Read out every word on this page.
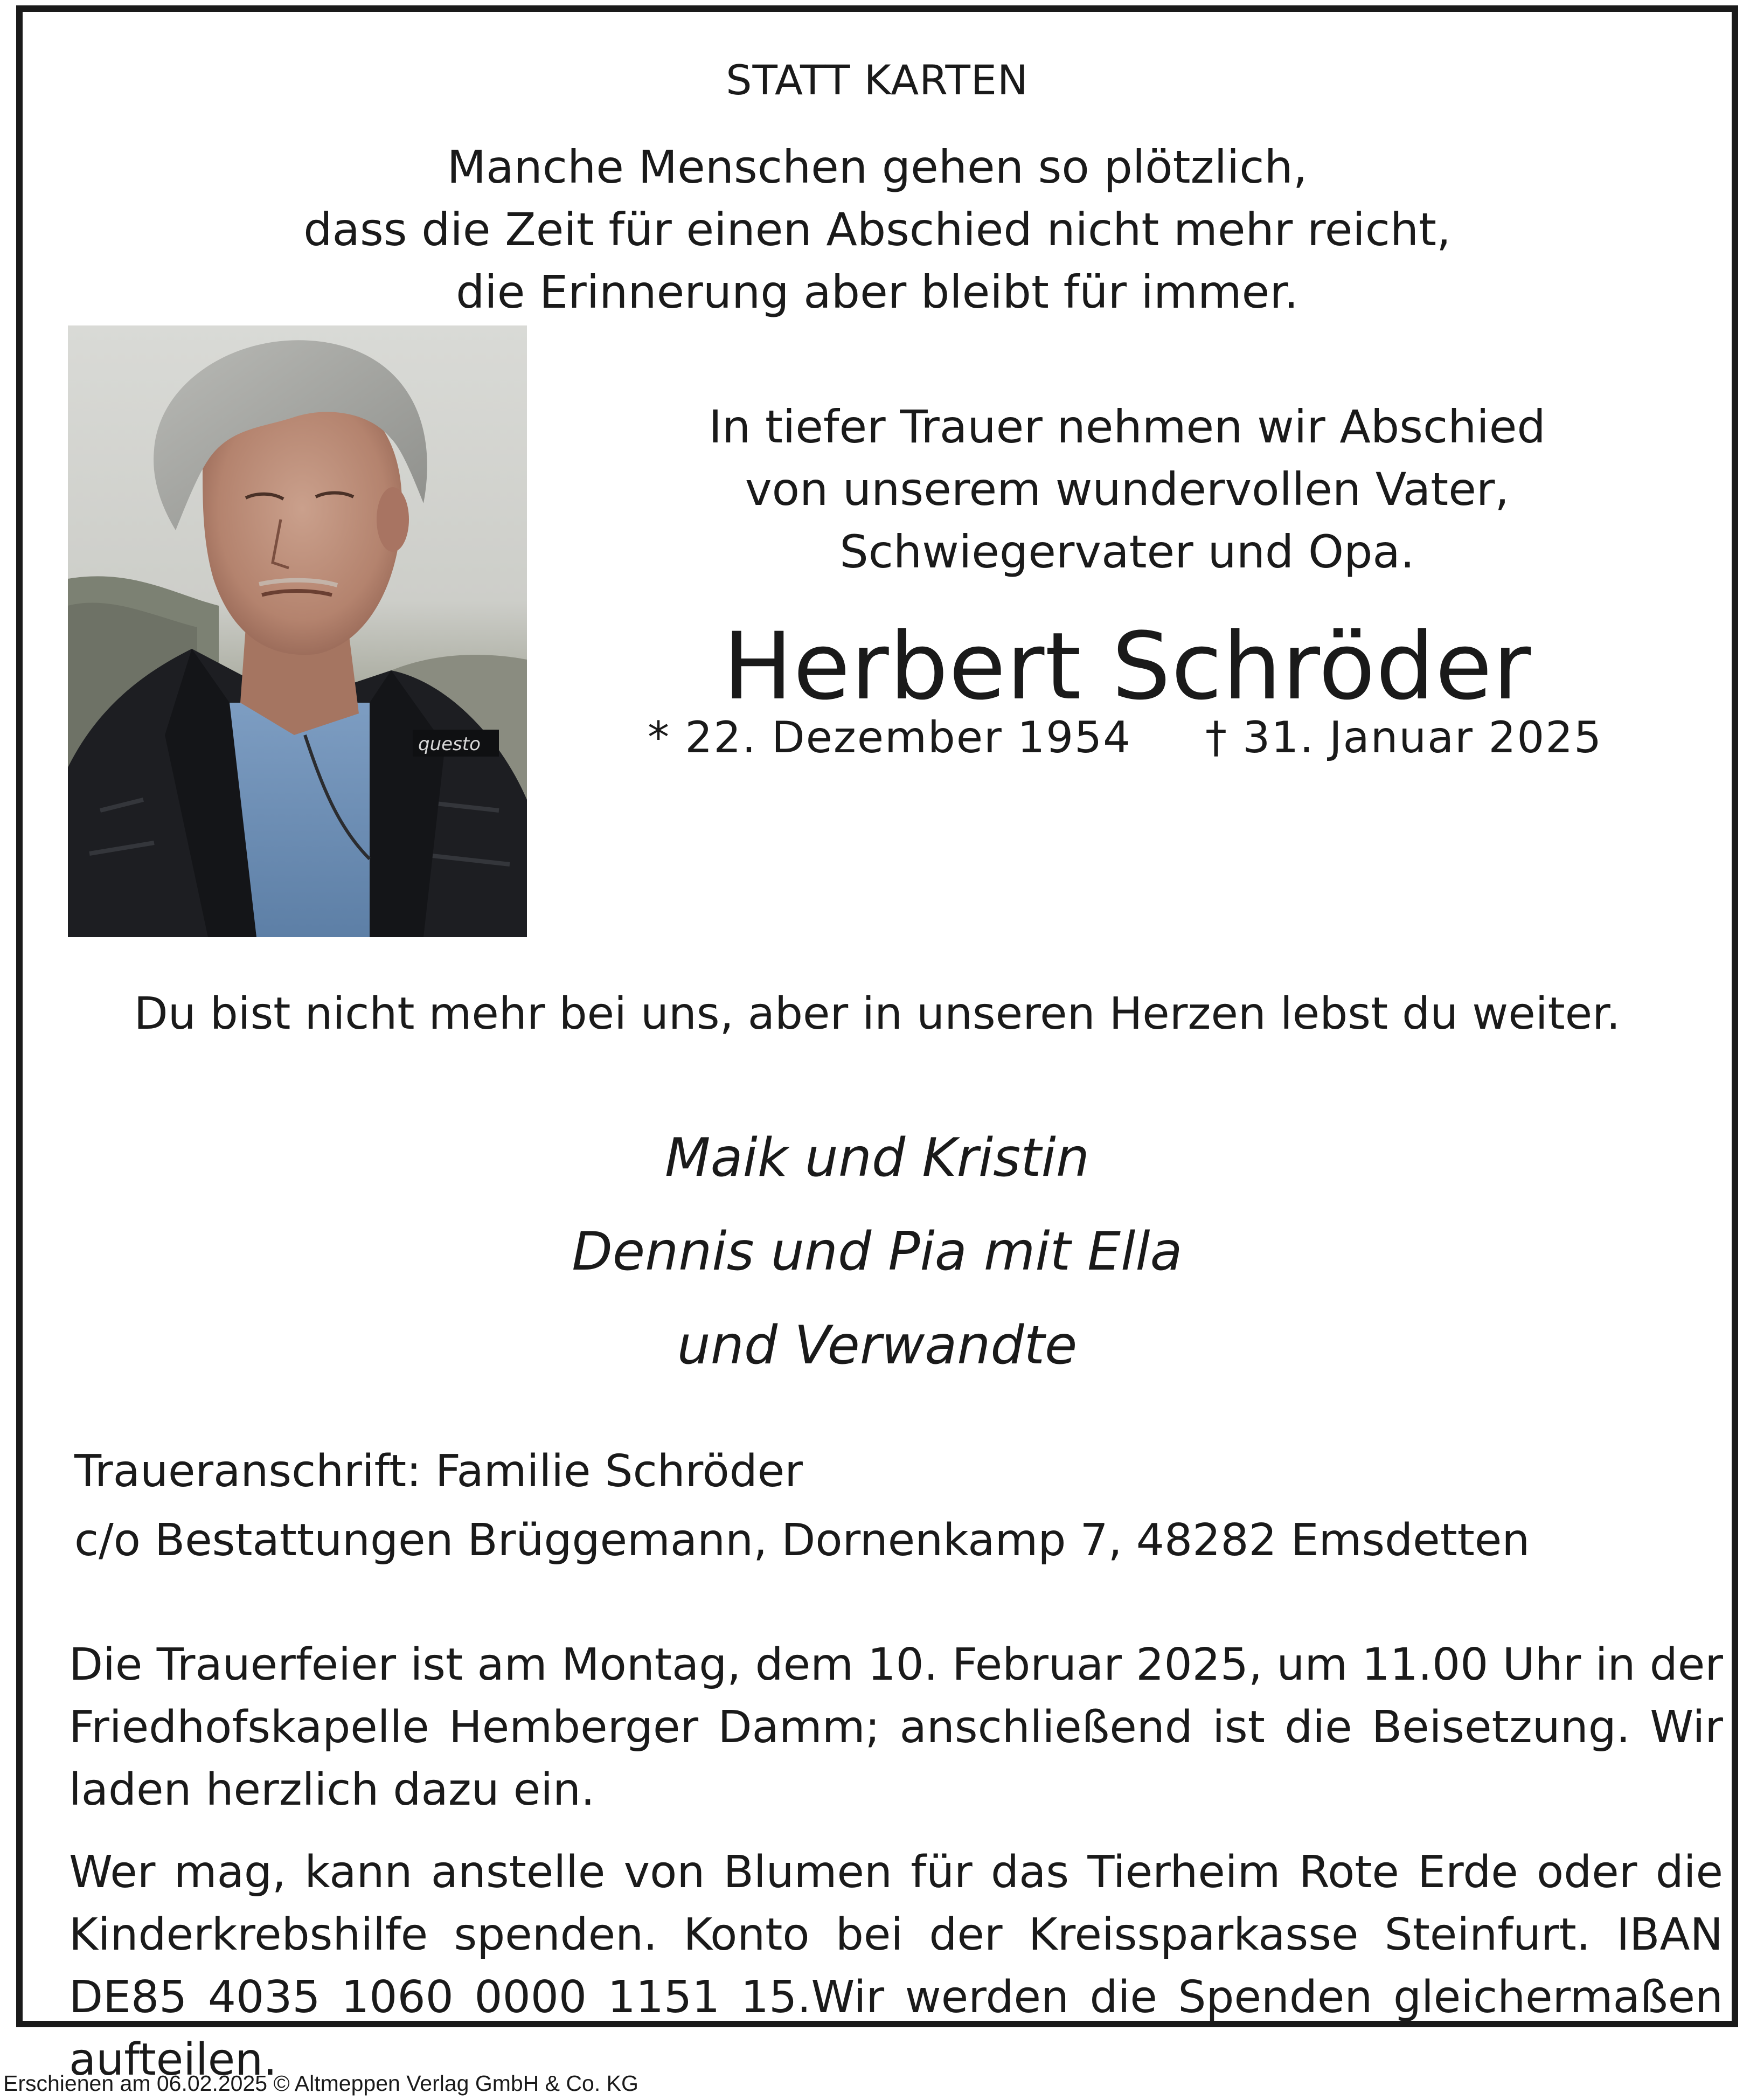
STATT KARTEN
Manche Menschen gehen so plötzlich,
dass die Zeit für einen Abschied nicht mehr reicht,
die Erinnerung aber bleibt für immer.
questo
In tiefer Trauer nehmen wir Abschied
von unserem wundervollen Vater,
Schwiegervater und Opa.
Herbert Schröder
* 22. Dezember 1954 † 31. Januar 2025
Du bist nicht mehr bei uns, aber in unseren Herzen lebst du weiter.
Maik und Kristin
Dennis und Pia mit Ella
und Verwandte
Traueranschrift: Familie Schröder
c/o Bestattungen Brüggemann, Dornenkamp 7, 48282 Emsdetten
Die Trauerfeier ist am Montag, dem 10. Februar 2025, um 11.00 Uhr in der Friedhofskapelle Hemberger Damm; anschließend ist die Beisetzung. Wir laden herzlich dazu ein.
Wer mag, kann anstelle von Blumen für das Tierheim Rote Erde oder die Kinderkrebshilfe spenden. Konto bei der Kreissparkasse Steinfurt. IBAN DE85 4035 1060 0000 1151 15.Wir werden die Spenden gleichermaßen aufteilen.
Erschienen am 06.02.2025 © Altmeppen Verlag GmbH & Co. KG
